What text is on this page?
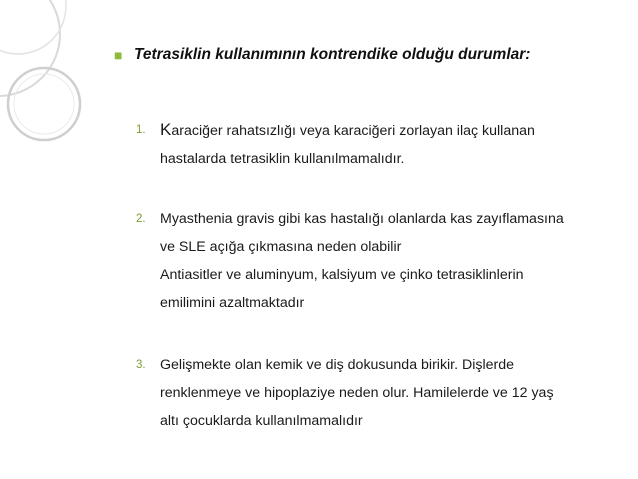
■ Tetrasiklin kullanımının kontrendike olduğu durumlar:
1. Karaciğer rahatsızlığı veya karaciğeri zorlayan ilaç kullanan
hastalarda tetrasiklin kullanılmamalıdır.
2. Myasthenia gravis gibi kas hastalığı olanlarda kas zayıflamasına
ve SLE açığa çıkmasına neden olabilir
Antiasitler ve aluminyum, kalsiyum ve çinko tetrasiklinlerin
emilimini azaltmaktadır
3. Gelişmekte olan kemik ve diş dokusunda birikir. Dişlerde
renklenmeye ve hipoplaziye neden olur. Hamilelerde ve 12 yaş
altı çocuklarda kullanılmamalıdır
